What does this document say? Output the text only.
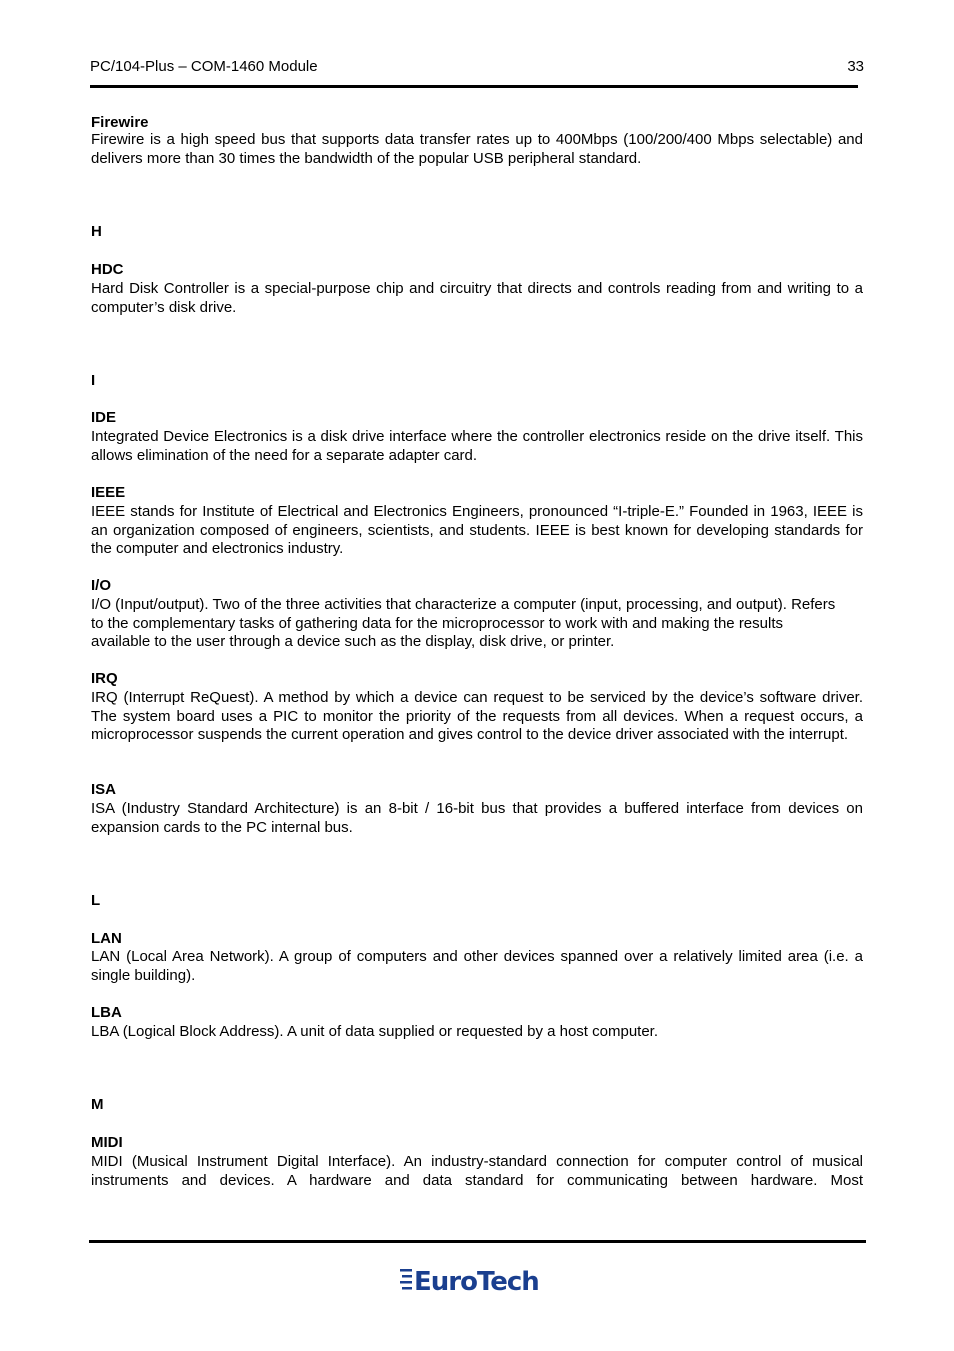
PC/104-Plus – COM-1460 Module	33
Firewire
Firewire is a high speed bus that supports data transfer rates up to 400Mbps (100/200/400 Mbps selectable) and delivers more than 30 times the bandwidth of the popular USB peripheral standard.
H
HDC
Hard Disk Controller is a special-purpose chip and circuitry that directs and controls reading from and writing to a computer’s disk drive.
I
IDE
Integrated Device Electronics is a disk drive interface where the controller electronics reside on the drive itself. This allows elimination of the need for a separate adapter card.
IEEE
IEEE stands for Institute of Electrical and Electronics Engineers, pronounced “I-triple-E.” Founded in 1963, IEEE is an organization composed of engineers, scientists, and students. IEEE is best known for developing standards for the computer and electronics industry.
I/O
I/O (Input/output). Two of the three activities that characterize a computer (input, processing, and output). Refers to the complementary tasks of gathering data for the microprocessor to work with and making the results available to the user through a device such as the display, disk drive, or printer.
IRQ
IRQ (Interrupt ReQuest). A method by which a device can request to be serviced by the device’s software driver. The system board uses a PIC to monitor the priority of the requests from all devices. When a request occurs, a microprocessor suspends the current operation and gives control to the device driver associated with the interrupt.
ISA
ISA (Industry Standard Architecture) is an 8-bit / 16-bit bus that provides a buffered interface from devices on expansion cards to the PC internal bus.
L
LAN
LAN (Local Area Network). A group of computers and other devices spanned over a relatively limited area (i.e. a single building).
LBA
LBA (Logical Block Address). A unit of data supplied or requested by a host computer.
M
MIDI
MIDI (Musical Instrument Digital Interface). An industry-standard connection for computer control of musical instruments and devices. A hardware and data standard for communicating between hardware. Most
EuroTech
